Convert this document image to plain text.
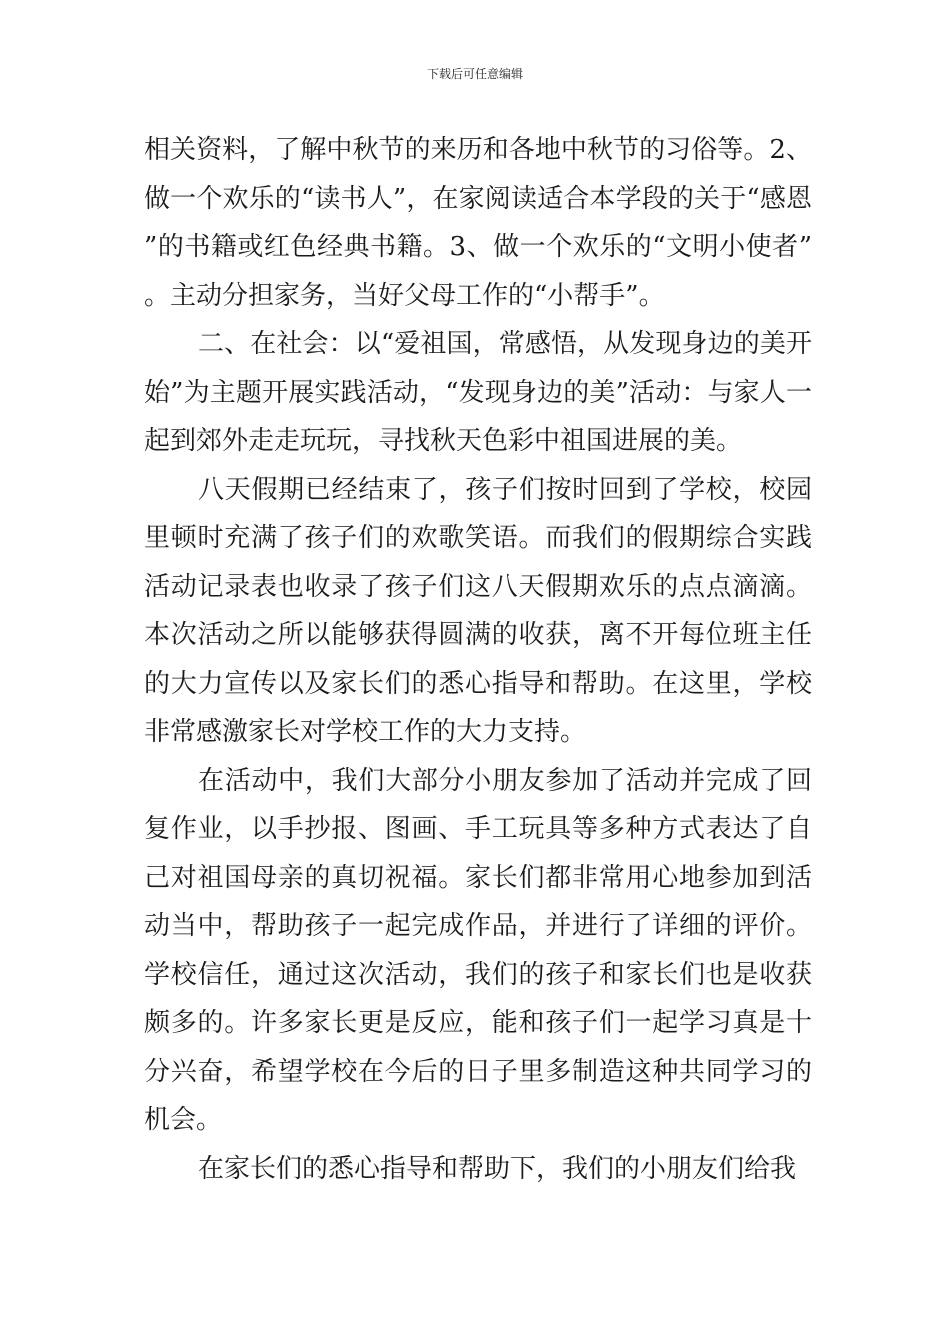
下载后可任意编辑

相关资料，了解中秋节的来历和各地中秋节的习俗等。2、做一个欢乐的“读书人”，在家阅读适合本学段的关于“感恩”的书籍或红色经典书籍。3、做一个欢乐的“文明小使者”。主动分担家务，当好父母工作的“小帮手”。

二、在社会：以“爱祖国，常感悟，从发现身边的美开始”为主题开展实践活动，“发现身边的美”活动：与家人一起到郊外走走玩玩，寻找秋天色彩中祖国进展的美。

八天假期已经结束了，孩子们按时回到了学校，校园里顿时充满了孩子们的欢歌笑语。而我们的假期综合实践活动记录表也收录了孩子们这八天假期欢乐的点点滴滴。本次活动之所以能够获得圆满的收获，离不开每位班主任的大力宣传以及家长们的悉心指导和帮助。在这里，学校非常感激家长对学校工作的大力支持。

在活动中，我们大部分小朋友参加了活动并完成了回复作业，以手抄报、图画、手工玩具等多种方式表达了自己对祖国母亲的真切祝福。家长们都非常用心地参加到活动当中，帮助孩子一起完成作品，并进行了详细的评价。学校信任，通过这次活动，我们的孩子和家长们也是收获颇多的。许多家长更是反应，能和孩子们一起学习真是十分兴奋，希望学校在今后的日子里多制造这种共同学习的机会。

在家长们的悉心指导和帮助下，我们的小朋友们给我
